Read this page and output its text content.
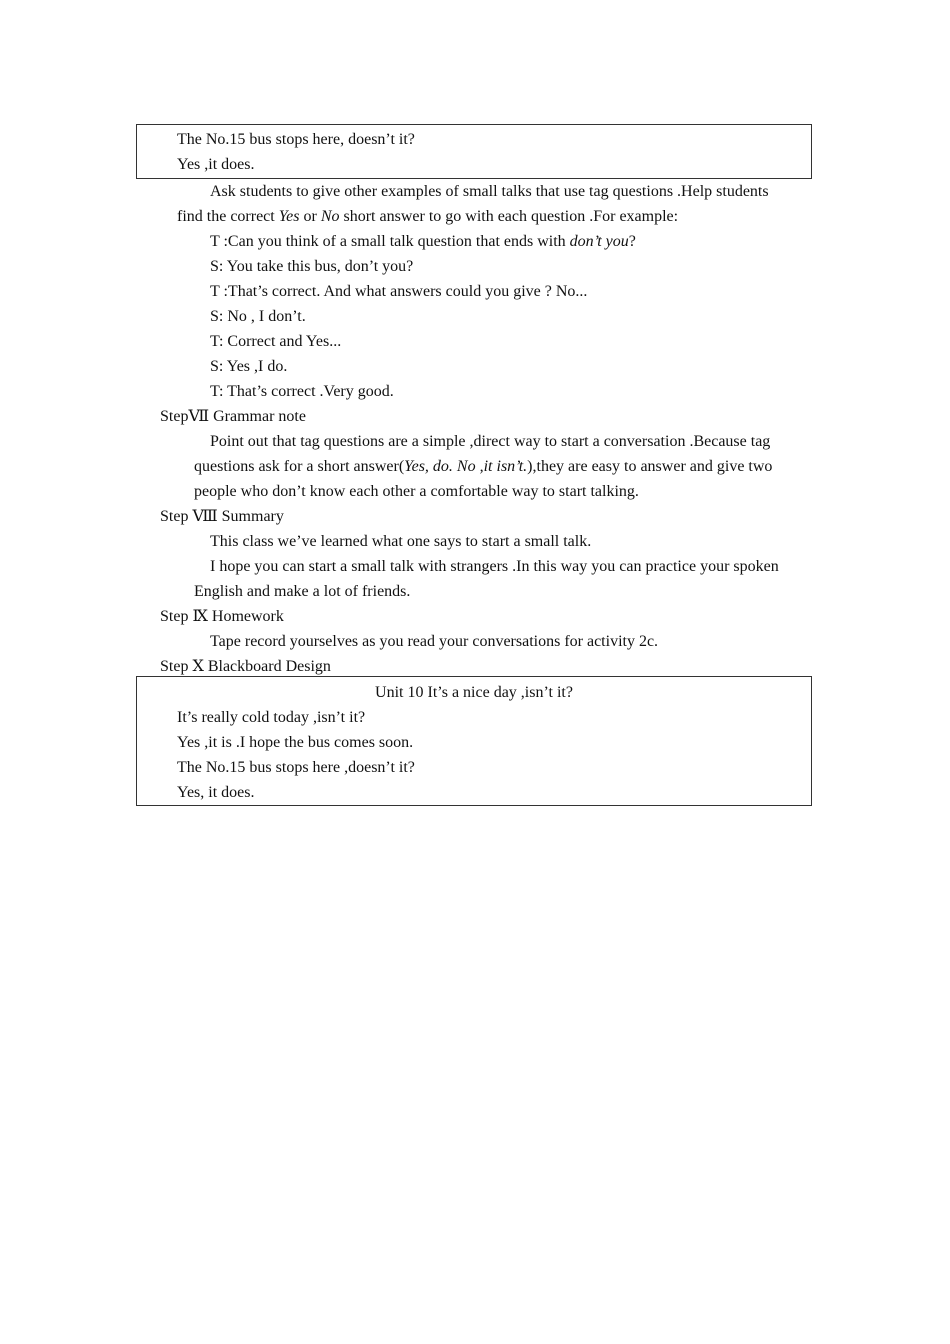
The No.15 bus stops here, doesn’t it?
Yes ,it does.
Ask students to give other examples of small talks that use tag questions .Help students
find the correct Yes or No short answer to go with each question .For example:
T :Can you think of a small talk question that ends with don’t you?
S: You take this bus, don’t you?
T :That’s correct. And what answers could you give ? No...
S: No , I don’t.
T: Correct and Yes...
S: Yes ,I do.
T: That’s correct .Very good.
StepⅦ Grammar note
Point out that tag questions are a simple ,direct way to start a conversation .Because tag
questions ask for a short answer(Yes, do. No ,it isn’t.),they are easy to answer and give two
people who don’t know each other a comfortable way to start talking.
Step Ⅷ Summary
This class we’ve learned what one says to start a small talk.
I hope you can start a small talk with strangers .In this way you can practice your spoken
English and make a lot of friends.
Step Ⅸ Homework
Tape record yourselves as you read your conversations for activity 2c.
Step Ⅹ Blackboard Design
Unit 10 It’s a nice day ,isn’t it?
It’s really cold today ,isn’t it?
Yes ,it is .I hope the bus comes soon.
The No.15 bus stops here ,doesn’t it?
Yes, it does.
